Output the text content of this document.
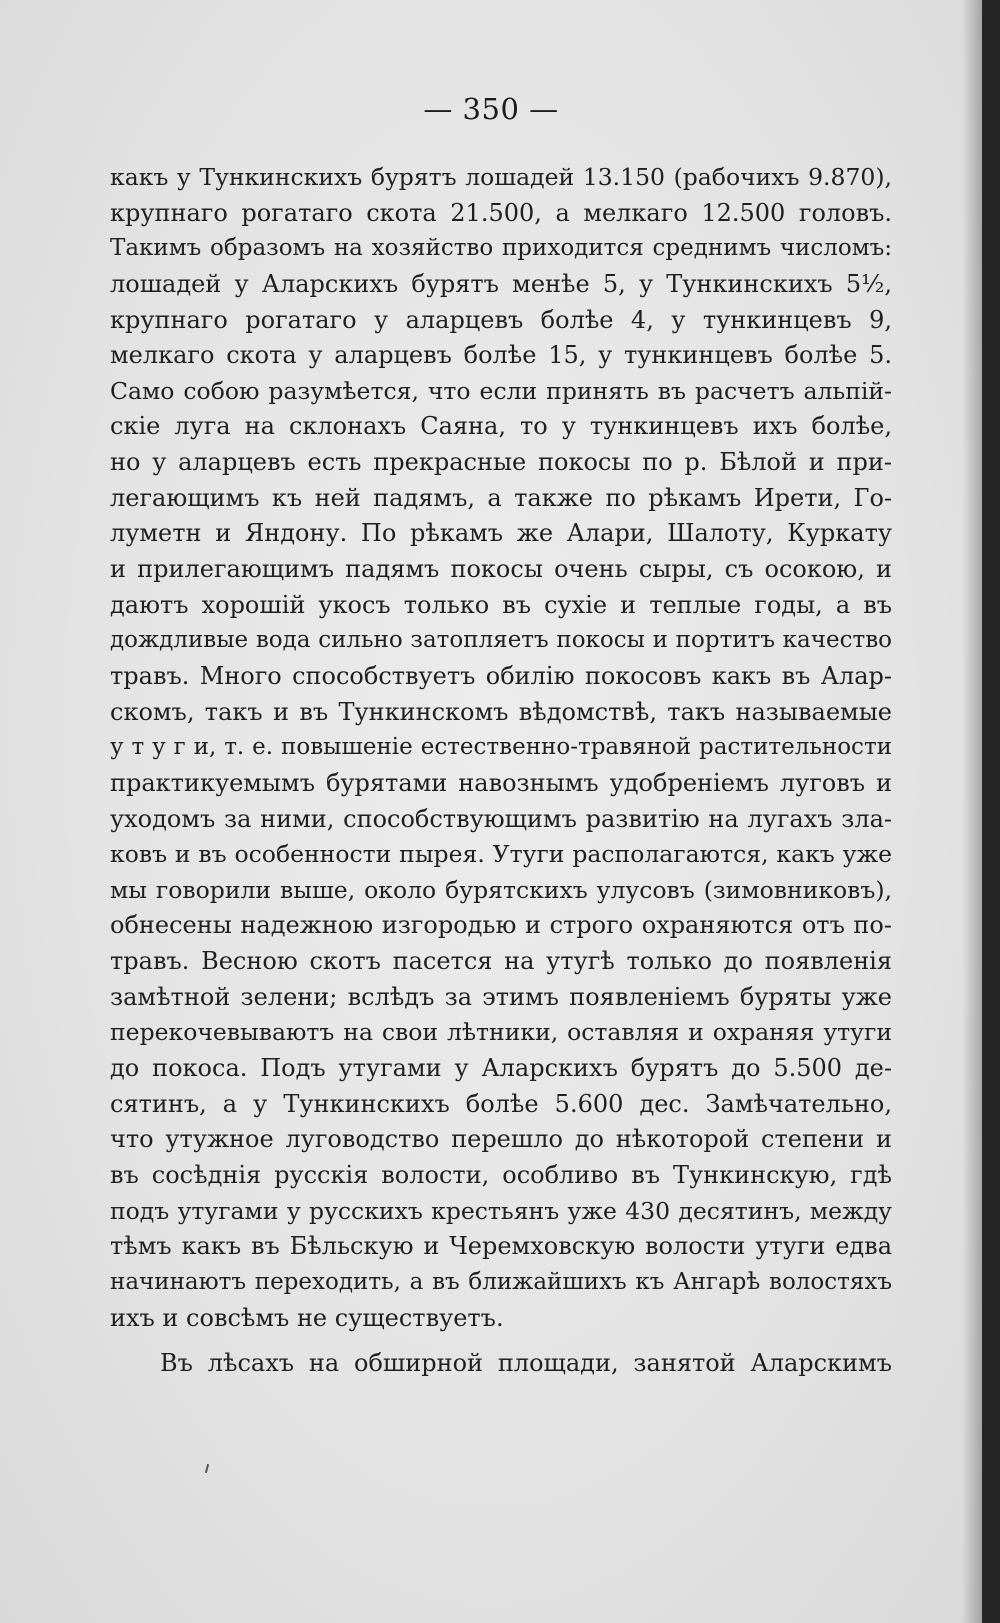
— 350 —
какъ у Тункинскихъ бурятъ лошадей 13.150 (рабочихъ 9.870),
крупнаго рогатаго скота 21.500, а мелкаго 12.500 головъ.
Такимъ образомъ на хозяйство приходится среднимъ числомъ:
лошадей у Аларскихъ бурятъ менѣе 5, у Тункинскихъ 5½,
крупнаго рогатаго у аларцевъ болѣе 4, у тункинцевъ 9,
мелкаго скота у аларцевъ болѣе 15, у тункинцевъ болѣе 5.
Само собою разумѣется, что если принять въ расчетъ альпій-
скіе луга на склонахъ Саяна, то у тункинцевъ ихъ болѣе,
но у аларцевъ есть прекрасные покосы по р. Бѣлой и при-
легающимъ къ ней падямъ, а также по рѣкамъ Ирети, Го-
луметн и Яндону. По рѣкамъ же Алари, Шалоту, Куркату
и прилегающимъ падямъ покосы очень сыры, съ осокою, и
даютъ хорошій укосъ только въ сухіе и теплые годы, а въ
дождливые вода сильно затопляетъ покосы и портитъ качество
травъ. Много способствуетъ обилію покосовъ какъ въ Алар-
скомъ, такъ и въ Тункинскомъ вѣдомствѣ, такъ называемые
у т у г и, т. е. повышеніе естественно-травяной растительности
практикуемымъ бурятами навознымъ удобреніемъ луговъ и
уходомъ за ними, способствующимъ развитію на лугахъ зла-
ковъ и въ особенности пырея. Утуги располагаются, какъ уже
мы говорили выше, около бурятскихъ улусовъ (зимовниковъ),
обнесены надежною изгородью и строго охраняются отъ по-
травъ. Весною скотъ пасется на утугѣ только до появленія
замѣтной зелени; вслѣдъ за этимъ появленіемъ буряты уже
перекочевываютъ на свои лѣтники, оставляя и охраняя утуги
до покоса. Подъ утугами у Аларскихъ бурятъ до 5.500 де-
сятинъ, а у Тункинскихъ болѣе 5.600 дес. Замѣчательно,
что утужное луговодство перешло до нѣкоторой степени и
въ сосѣднія русскія волости, особливо въ Тункинскую, гдѣ
подъ утугами у русскихъ крестьянъ уже 430 десятинъ, между
тѣмъ какъ въ Бѣльскую и Черемховскую волости утуги едва
начинаютъ переходить, а въ ближайшихъ къ Ангарѣ волостяхъ
ихъ и совсѣмъ не существуетъ.
Въ лѣсахъ на обширной площади, занятой Аларскимъ
